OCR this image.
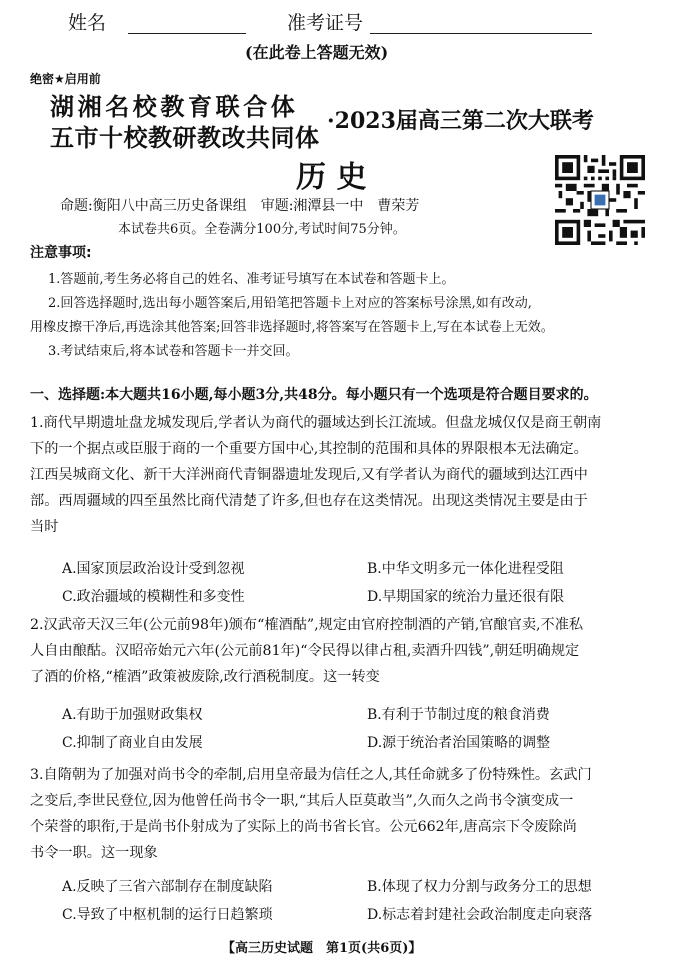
姓名	准考证号
(在此卷上答题无效)
绝密★启用前
湖湘名校教育联合体
五市十校教研教改共同体
·2023届高三第二次大联考
历 史
命题:衡阳八中高三历史备课组　审题:湘潭县一中　曹荣芳
本试卷共6页。全卷满分100分,考试时间75分钟。
注意事项:
1.答题前,考生务必将自己的姓名、准考证号填写在本试卷和答题卡上。
2.回答选择题时,选出每小题答案后,用铅笔把答题卡上对应的答案标号涂黑,如有改动,
用橡皮擦干净后,再选涂其他答案;回答非选择题时,将答案写在答题卡上,写在本试卷上无效。
3.考试结束后,将本试卷和答题卡一并交回。
一、选择题:本大题共16小题,每小题3分,共48分。每小题只有一个选项是符合题目要求的。
1.商代早期遗址盘龙城发现后,学者认为商代的疆域达到长江流域。但盘龙城仅仅是商王朝南
下的一个据点或臣服于商的一个重要方国中心,其控制的范围和具体的界限根本无法确定。
江西吴城商文化、新干大洋洲商代青铜器遗址发现后,又有学者认为商代的疆域到达江西中
部。西周疆域的四至虽然比商代清楚了许多,但也存在这类情况。出现这类情况主要是由于
当时
A.国家顶层政治设计受到忽视	B.中华文明多元一体化进程受阻
C.政治疆域的模糊性和多变性	D.早期国家的统治力量还很有限
2.汉武帝天汉三年(公元前98年)颁布“榷酒酤”,规定由官府控制酒的产销,官酿官卖,不准私
人自由酿酤。汉昭帝始元六年(公元前81年)“令民得以律占租,卖酒升四钱”,朝廷明确规定
了酒的价格,“榷酒”政策被废除,改行酒税制度。这一转变
A.有助于加强财政集权	B.有利于节制过度的粮食消费
C.抑制了商业自由发展	D.源于统治者治国策略的调整
3.自隋朝为了加强对尚书令的牵制,启用皇帝最为信任之人,其任命就多了份特殊性。玄武门
之变后,李世民登位,因为他曾任尚书令一职,“其后人臣莫敢当”,久而久之尚书令演变成一
个荣誉的职衔,于是尚书仆射成为了实际上的尚书省长官。公元662年,唐高宗下令废除尚
书令一职。这一现象
A.反映了三省六部制存在制度缺陷	B.体现了权力分割与政务分工的思想
C.导致了中枢机制的运行日趋繁琐	D.标志着封建社会政治制度走向衰落
【高三历史试题　第1页(共6页)】
